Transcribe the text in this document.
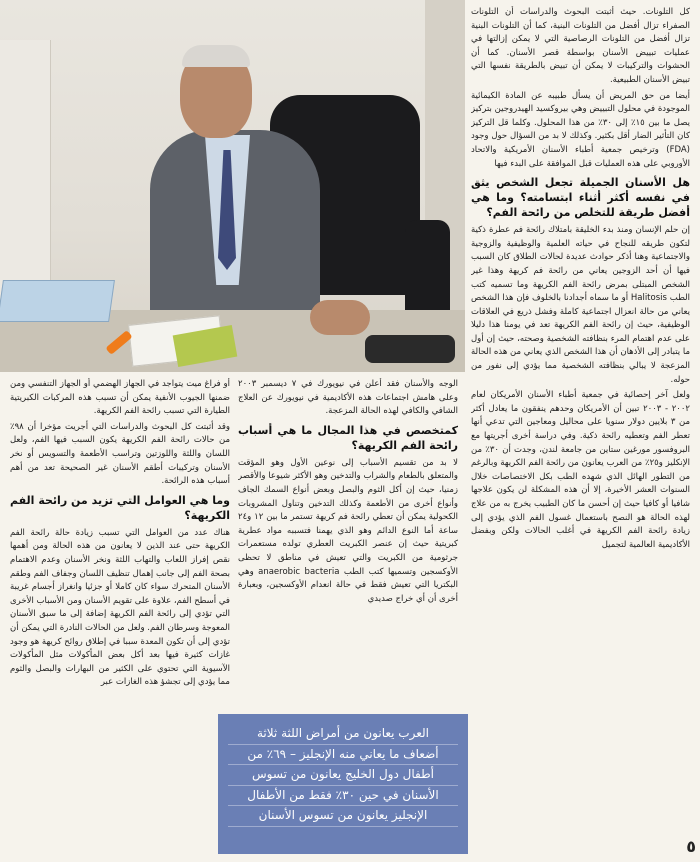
كل التلونات. حيث أثبتت البحوث والدراسات أن التلونات الصفراء تزال أفضل من التلونات البنية، كما أن التلونات البنية تزال أفضل من التلونات الرصاصية التي لا يمكن إزالتها في عمليات تبييض الأسنان بواسطة قصر الأسنان. كما أن الحشوات والتركيبات لا يمكن أن تبيض بالطريقة نفسها التي تبيض الأسنان الطبيعية.

أيضا من حق المريض أن يسأل طبيبه عن المادة الكيمائية الموجودة في محلول التبييض وهي بيروكسيد الهيدروجين بتركيز يصل ما بين ١٥٪ إلى ٣٠٪ من هذا المحلول. وكلما قل التركيز كان التأثير الضار أقل بكثير. وكذلك لا بد من السؤال حول وجود (FDA) وترخيص جمعية أطباء الأسنان الأمريكية والاتحاد الأوروبي على هذه العمليات قبل الموافقة على البدء فيها

هل الأسنان الجميلة تجعل الشخص يثق في نفسه أكثر أثناء ابتسامته؟ وما هي أفضل طريقة للتخلص من رائحة الفم؟

إن حلم الإنسان ومنذ بدء الخليقة بامتلاك رائحة فم عطرة ذكية لتكون طريقه للنجاح في حياته العلمية والوظيفية والزوجية والاجتماعية وهنا أذكر حوادث عديدة لحالات الطلاق كان السبب فيها أن أحد الزوجين يعاني من رائحة فم كريهة وهذا غير الشخص المبتلى بمرض رائحة الفم الكريهة وما تسميه كتب الطب Halitosis أو ما سماه أجدادنا بالخلوف فإن هذا الشخص يعاني من حالة انعزال اجتماعية كاملة وفشل ذريع في العلاقات الوظيفية، حيث إن رائحة الفم الكريهة تعد في يومنا هذا دليلا على عدم اهتمام المرء بنظافته الشخصية وصحته، حيث إن أول ما يتبادر إلى الأذهان أن هذا الشخص الذي يعاني من هذه الحالة المزعجة لا يبالي بنظافته الشخصية مما يؤدي إلى نفور من حوله.

ولعل آخر إحصائية في جمعية أطباء الأسنان الأمريكان لعام ٢٠٠٢ - ٢٠٠٣ تبين أن الأمريكان وحدهم ينفقون ما يعادل أكثر من ٣ بلايين دولار سنويا على محاليل ومعاجين التي تدعي أنها تعطر الفم وتعطيه رائحة ذكية. وفي دراسة أخرى أجريتها مع البروفسور مورغين ستاين من جامعة لندن، وجدت أن ٣٠٪ من الإنكليز و٢٥٪ من العرب يعانون من رائحة الفم الكريهة وبالرغم من التطور الهائل الذي شهده الطب بكل الاختصاصات خلال السنوات العشر الأخيرة، إلا أن هذه المشكلة لن يكون علاجها شافيا أو كافيا حيث إن أحسن ما كان الطبيب يخرج به من علاج لهذه الحالة هو النصح باستعمال غسول الفم الذي يؤدي إلى زيادة رائحة الفم الكريهة في أغلب الحالات ولكن وبفضل الأكاديمية العالمية لتجميل

الوجه والأسنان فقد أعلن في نيويورك في ٧ ديسمبر ٢٠٠٣ وعلى هامش اجتماعات هذه الأكاديمية في نيويورك عن العلاج الشافي والكافي لهذه الحالة المزعجة.

كمتخصص في هذا المجال ما هي أسباب رائحة الفم الكريهة؟

لا بد من تقسيم الأسباب إلى نوعين الأول وهو المؤقت والمتعلق بالطعام والشراب والتدخين وهو الأكثر شيوعا والأقصر زمنيا، حيث إن أكل الثوم والبصل وبعض أنواع السمك الجاف وأنواع أخرى من الأطعمة وكذلك التدخين وتناول المشروبات الكحولية يمكن أن تعطي رائحة فم كريهة تستمر ما بين ١٢ و٢٤ ساعة أما النوع الدائم وهو الذي يهمنا فتسببه مواد عطرية كبريتية حيث إن عنصر الكبريت العطري تولده مستعمرات جرثومية من الكبريت والتي تعيش في مناطق لا تحظى الأوكسجين وتسميها كتب الطب anaerobic bacteria وهي البكتريا التي تعيش فقط في حالة انعدام الأوكسجين، وبعبارة أخرى أن أي خراج صديدي

أو فراغ ميت يتواجد في الجهاز الهضمي أو الجهاز التنفسي ومن ضمنها الجيوب الأنفية يمكن أن تسبب هذه المركبات الكبريتية الطيارة التي تسبب رائحة الفم الكريهة.

وقد أثبتت كل البحوث والدراسات التي أجريت مؤخرا أن ٩٨٪ من حالات رائحة الفم الكريهة يكون السبب فيها الفم، ولعل اللسان واللثة واللوزتين وتراسب الأطعمة والتسويس أو نخر الأسنان وتركيبات أطقم الأسنان غير الصحيحة تعد من أهم أسباب هذه الرائحة.

وما هي العوامل التي تزيد من رائحة الفم الكريهة؟

هناك عدد من العوامل التي تسبب زيادة حالة رائحة الفم الكريهة حتى عند الذين لا يعانون من هذه الحالة ومن أهمها نقص إفراز اللعاب والتهاب اللثة ونخر الأسنان وعدم الاهتمام بصحة الفم إلى جانب إهمال تنظيف اللسان وجفاف الفم وطقم الأسنان المتحرك سواء كان كاملا أو جزئيا وانغراز أجسام غريبة في أسطح الفم، علاوة على تقويم الأسنان ومن الأسباب الأخرى التي تؤدي إلى رائحة الفم الكريهة إضافة إلى ما سبق الأسنان المعوجة وسرطان الفم. ولعل من الحالات النادرة التي يمكن أن تؤدي إلى أن تكون المعدة سببا في إطلاق روائح كريهة هو وجود غازات كثيرة فيها بعد أكل بعض المأكولات مثل المأكولات الآسيوية التي تحتوي على الكثير من البهارات والبصل والثوم مما يؤدي إلى تجشؤ هذه الغازات عبر

العرب يعانون من أمراض اللثة ثلاثة
أضعاف ما يعاني منه الإنجليز – ٦٩٪ من
أطفال دول الخليج يعانون من تسوس
الأسنان في حين ٣٠٪ فقط من الأطفال
الإنجليز يعانون من تسوس الأسنان
٥
